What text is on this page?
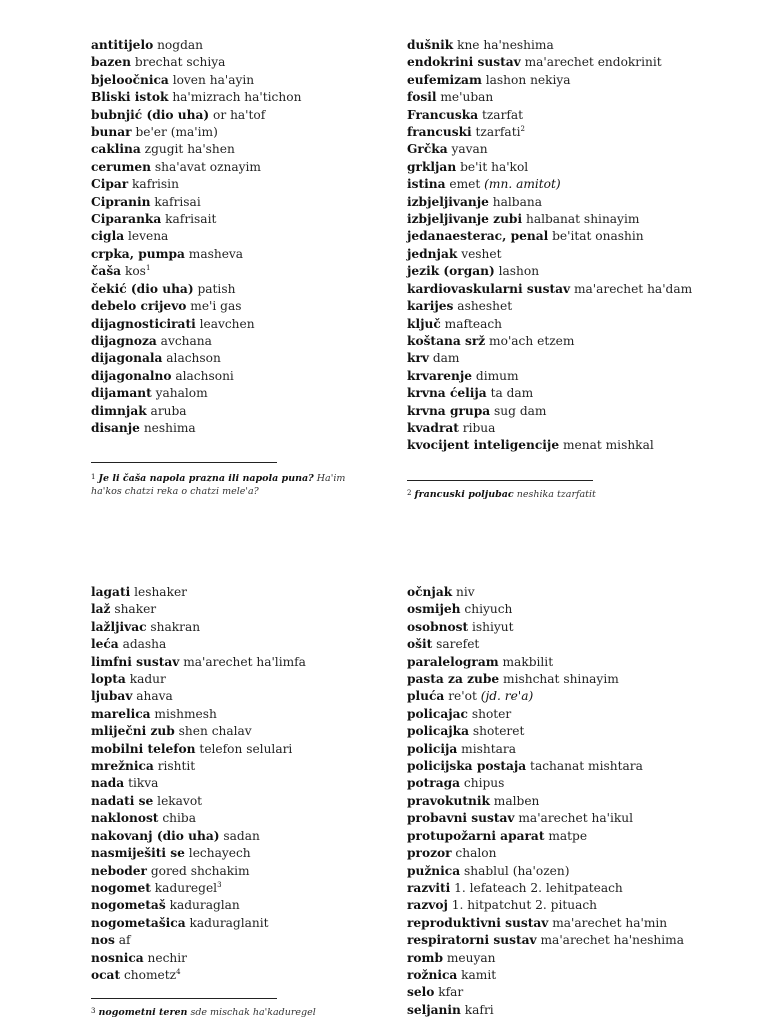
antitijelo nogdan
bazen brechat schiya
bjeloočnica loven ha'ayin
Bliski istok ha'mizrach ha'tichon
bubnjić (dio uha) or ha'tof
bunar be'er (ma'im)
caklina zgugit ha'shen
cerumen sha'avat oznayim
Cipar kafrisin
Cipranin kafrisai
Ciparanka kafrisait
cigla levena
crpka, pumpa masheva
čaša kos$^1$
čekić (dio uha) patish
debelo crijevo me'i gas
dijagnosticirati leavchen
dijagnoza avchana
dijagonala alachson
dijagonalno alachsoni
dijamant yahalom
dimnjak aruba
disanje neshima
dušnik kne ha'neshima
endokrini sustav ma'arechet endokrinit
eufemizam lashon nekiya
fosil me'uban
Francuska tzarfat
francuski tzarfati$^2$
Grčka yavan
grkljan be'it ha'kol
istina emet (mn. amitot)
izbjeljivanje halbana
izbjeljivanje zubi halbanat shinayim
jedanaesterac, penal be'itat onashin
jednjak veshet
jezik (organ) lashon
kardiovaskularni sustav ma'arechet ha'dam
karijes asheshet
ključ mafteach
koštana srž mo'ach etzem
krv dam
krvarenje dimum
krvna ćelija ta dam
krvna grupa sug dam
kvadrat ribua
kvocijent inteligencije menat mishkal
$^1$ Je li čaša napola prazna ili napola puna? Ha'im ha'kos chatzi reka o chatzi mele'a?	$^2$ francuski poljubac neshika tzarfatit
lagati leshaker
laž shaker
lažljivac shakran
leća adasha
limfni sustav ma'arechet ha'limfa
lopta kadur
ljubav ahava
marelica mishmesh
mliječni zub shen chalav
mobilni telefon telefon selulari
mrežnica rishtit
nada tikva
nadati se lekavot
naklonost chiba
nakovanj (dio uha) sadan
nasmiješiti se lechayech
neboder gored shchakim
nogomet kaduregel$^3$
nogometaš kaduraglan
nogometašica kaduraglanit
nos af
nosnica nechir
ocat chometz$^4$
očnjak niv
osmijeh chiyuch
osobnost ishiyut
ošit sarefet
paralelogram makbilit
pasta za zube mishchat shinayim
pluća re'ot (jd. re'a)
policajac shoter
policajka shoteret
policija mishtara
policijska postaja tachanat mishtara
potraga chipus
pravokutnik malben
probavni sustav ma'arechet ha'ikul
protupožarni aparat matpe
prozor chalon
pužnica shablul (ha'ozen)
razviti 1. lefateach 2. lehitpateach
razvoj 1. hitpatchut 2. pituach
reproduktivni sustav ma'arechet ha'min
respiratorni sustav ma'arechet ha'neshima
romb meuyan
rožnica kamit
selo kfar
seljanin kafri
$^3$ nogometni teren sde mischak ha'kaduregel
